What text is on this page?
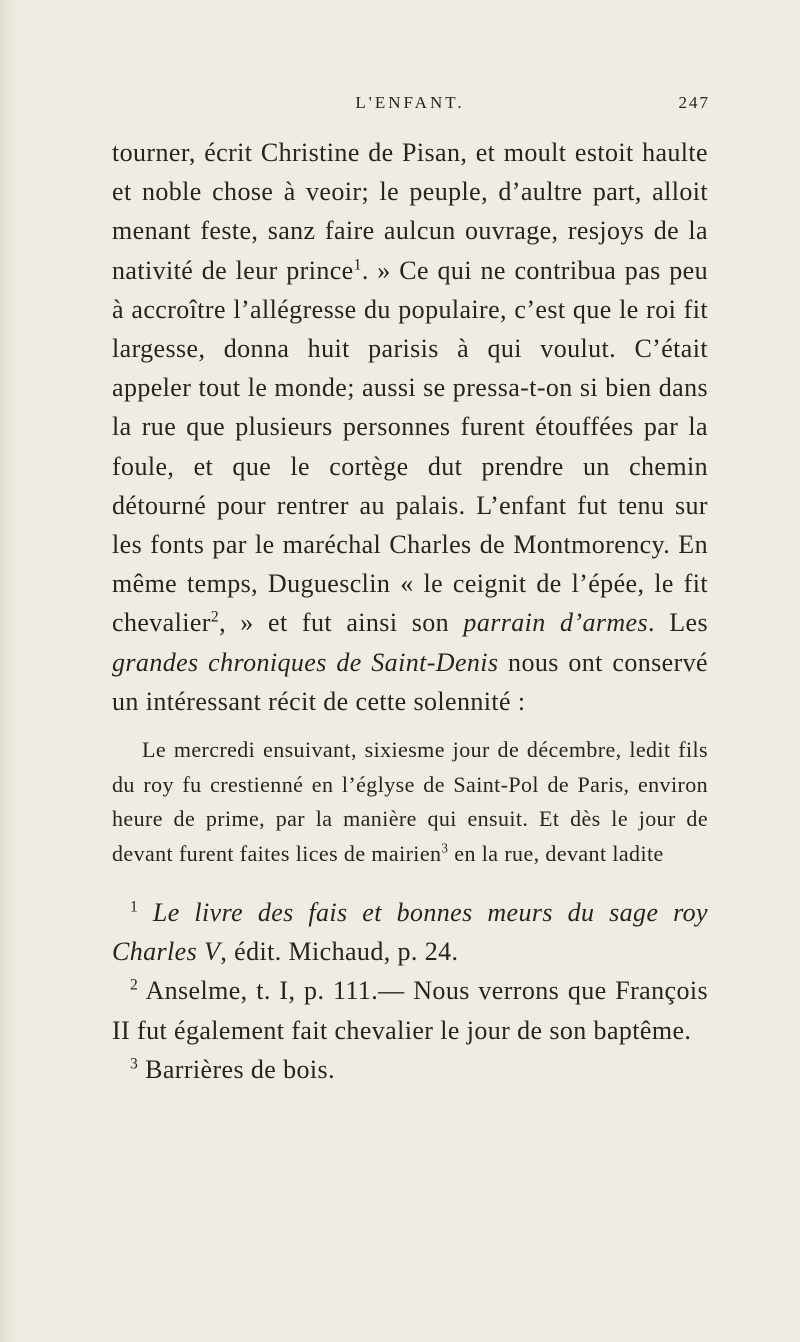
L'ENFANT.	247

tourner, écrit Christine de Pisan, et moult estoit haulte et noble chose à veoir; le peuple, d’aultre part, alloit menant feste, sanz faire aulcun ouvrage, resjoys de la nativité de leur prince$^1$. » Ce qui ne contribua pas peu à accroître l’allégresse du populaire, c’est que le roi fit largesse, donna huit parisis à qui voulut. C’était appeler tout le monde; aussi se pressa-t-on si bien dans la rue que plusieurs personnes furent étouffées par la foule, et que le cortège dut prendre un chemin détourné pour rentrer au palais. L’enfant fut tenu sur les fonts par le maréchal Charles de Montmorency. En même temps, Duguesclin « le ceignit de l’épée, le fit chevalier$^2$, » et fut ainsi son parrain d’armes. Les grandes chroniques de Saint-Denis nous ont conservé un intéressant récit de cette solennité :

Le mercredi ensuivant, sixiesme jour de décembre, ledit fils du roy fu crestienné en l’églyse de Saint-Pol de Paris, environ heure de prime, par la manière qui ensuit. Et dès le jour de devant furent faites lices de mairien$^3$ en la rue, devant ladite

$^1$ Le livre des fais et bonnes meurs du sage roy Charles V, édit. Michaud, p. 24.

$^2$ Anselme, t. I, p. 111.— Nous verrons que François II fut également fait chevalier le jour de son baptême.

$^3$ Barrières de bois.
